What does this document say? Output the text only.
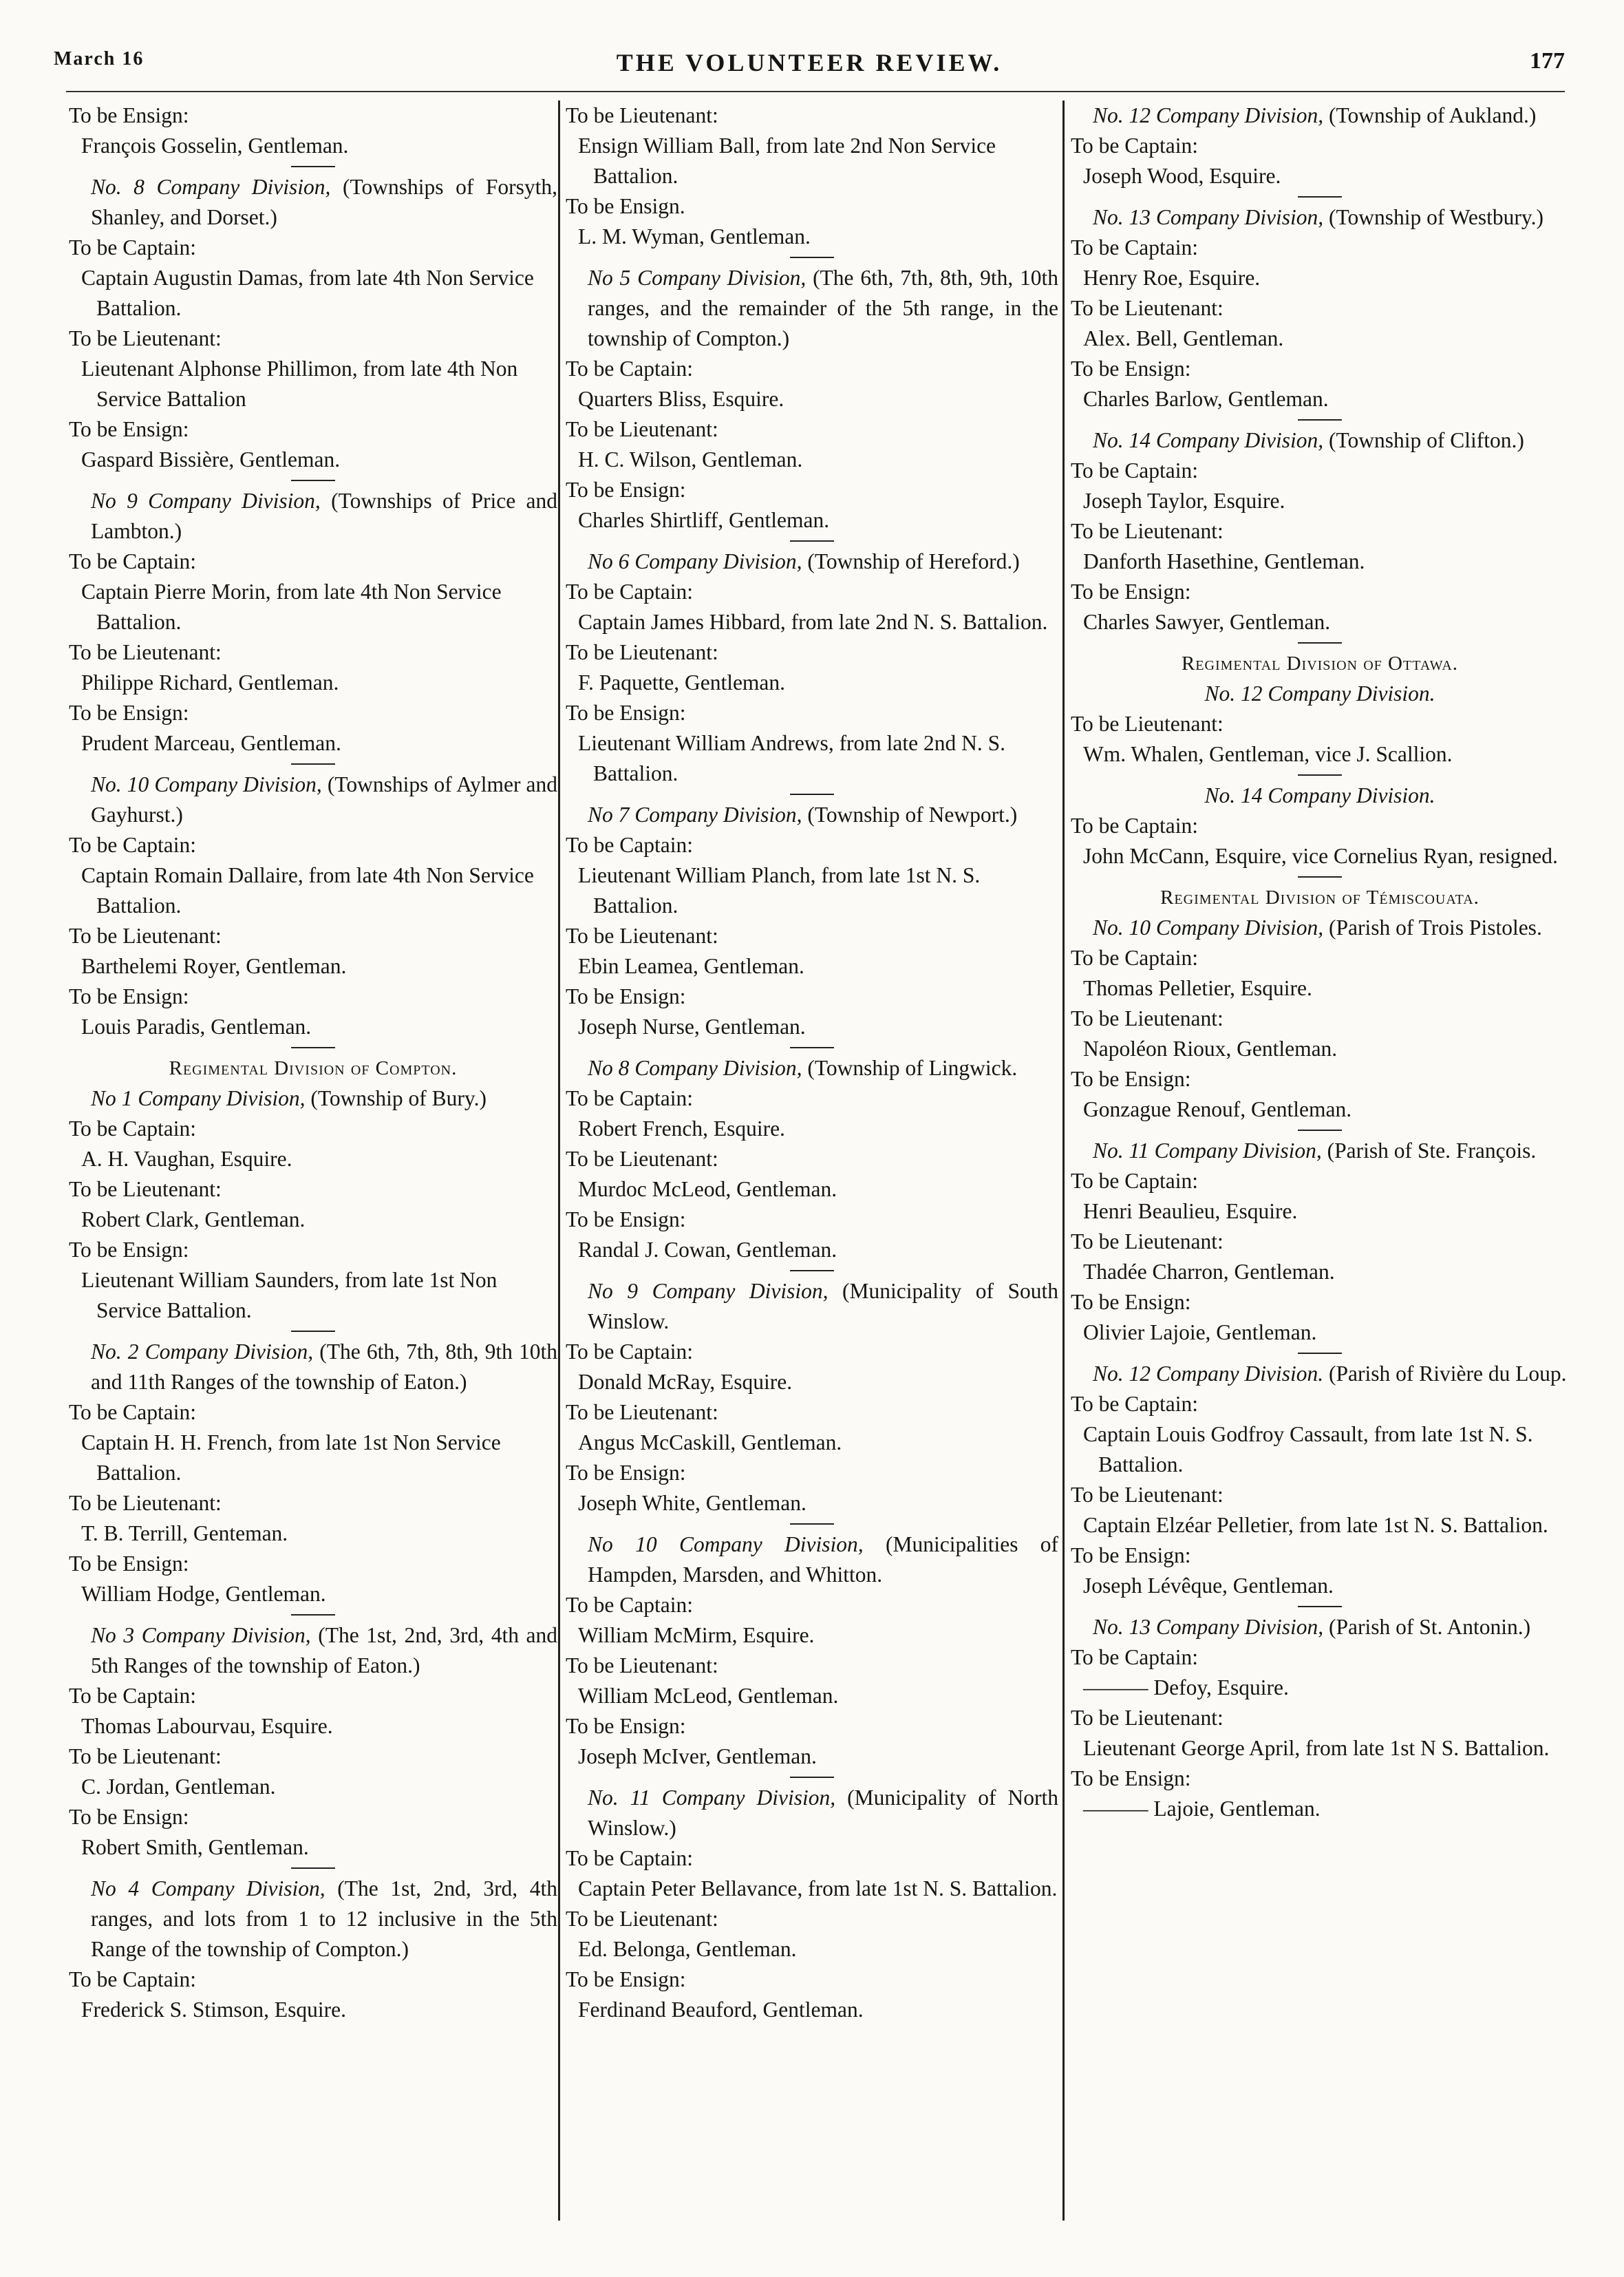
March 16	THE VOLUNTEER REVIEW.	177

To be Ensign:

François Gosselin, Gentleman.

No. 8 Company Division, (Townships of Forsyth, Shanley, and Dorset.)

To be Captain:

Captain Augustin Damas, from late 4th Non Service Battalion.

To be Lieutenant:

Lieutenant Alphonse Phillimon, from late 4th Non Service Battalion

To be Ensign:

Gaspard Bissière, Gentleman.

No 9 Company Division, (Townships of Price and Lambton.)

To be Captain:

Captain Pierre Morin, from late 4th Non Service Battalion.

To be Lieutenant:

Philippe Richard, Gentleman.

To be Ensign:

Prudent Marceau, Gentleman.

No. 10 Company Division, (Townships of Aylmer and Gayhurst.)

To be Captain:

Captain Romain Dallaire, from late 4th Non Service Battalion.

To be Lieutenant:

Barthelemi Royer, Gentleman.

To be Ensign:

Louis Paradis, Gentleman.

Regimental Division of Compton.

No 1 Company Division, (Township of Bury.)

To be Captain:

A. H. Vaughan, Esquire.

To be Lieutenant:

Robert Clark, Gentleman.

To be Ensign:

Lieutenant William Saunders, from late 1st Non Service Battalion.

No. 2 Company Division, (The 6th, 7th, 8th, 9th 10th and 11th Ranges of the township of Eaton.)

To be Captain:

Captain H. H. French, from late 1st Non Service Battalion.

To be Lieutenant:

T. B. Terrill, Genteman.

To be Ensign:

William Hodge, Gentleman.

No 3 Company Division, (The 1st, 2nd, 3rd, 4th and 5th Ranges of the township of Eaton.)

To be Captain:

Thomas Labourvau, Esquire.

To be Lieutenant:

C. Jordan, Gentleman.

To be Ensign:

Robert Smith, Gentleman.

No 4 Company Division, (The 1st, 2nd, 3rd, 4th ranges, and lots from 1 to 12 inclusive in the 5th Range of the township of Compton.)

To be Captain:

Frederick S. Stimson, Esquire.

To be Lieutenant:

Ensign William Ball, from late 2nd Non Service Battalion.

To be Ensign.

L. M. Wyman, Gentleman.

No 5 Company Division, (The 6th, 7th, 8th, 9th, 10th ranges, and the remainder of the 5th range, in the township of Compton.)

To be Captain:

Quarters Bliss, Esquire.

To be Lieutenant:

H. C. Wilson, Gentleman.

To be Ensign:

Charles Shirtliff, Gentleman.

No 6 Company Division, (Township of Hereford.)

To be Captain:

Captain James Hibbard, from late 2nd N. S. Battalion.

To be Lieutenant:

F. Paquette, Gentleman.

To be Ensign:

Lieutenant William Andrews, from late 2nd N. S. Battalion.

No 7 Company Division, (Township of Newport.)

To be Captain:

Lieutenant William Planch, from late 1st N. S. Battalion.

To be Lieutenant:

Ebin Leamea, Gentleman.

To be Ensign:

Joseph Nurse, Gentleman.

No 8 Company Division, (Township of Lingwick.

To be Captain:

Robert French, Esquire.

To be Lieutenant:

Murdoc McLeod, Gentleman.

To be Ensign:

Randal J. Cowan, Gentleman.

No 9 Company Division, (Municipality of South Winslow.

To be Captain:

Donald McRay, Esquire.

To be Lieutenant:

Angus McCaskill, Gentleman.

To be Ensign:

Joseph White, Gentleman.

No 10 Company Division, (Municipalities of Hampden, Marsden, and Whitton.

To be Captain:

William McMirm, Esquire.

To be Lieutenant:

William McLeod, Gentleman.

To be Ensign:

Joseph McIver, Gentleman.

No. 11 Company Division, (Municipality of North Winslow.)

To be Captain:

Captain Peter Bellavance, from late 1st N. S. Battalion.

To be Lieutenant:

Ed. Belonga, Gentleman.

To be Ensign:

Ferdinand Beauford, Gentleman.

No. 12 Company Division, (Township of Aukland.)

To be Captain:

Joseph Wood, Esquire.

No. 13 Company Division, (Township of Westbury.)

To be Captain:

Henry Roe, Esquire.

To be Lieutenant:

Alex. Bell, Gentleman.

To be Ensign:

Charles Barlow, Gentleman.

No. 14 Company Division, (Township of Clifton.)

To be Captain:

Joseph Taylor, Esquire.

To be Lieutenant:

Danforth Hasethine, Gentleman.

To be Ensign:

Charles Sawyer, Gentleman.

Regimental Division of Ottawa.

No. 12 Company Division.

To be Lieutenant:

Wm. Whalen, Gentleman, vice J. Scallion.

No. 14 Company Division.

To be Captain:

John McCann, Esquire, vice Cornelius Ryan, resigned.

Regimental Division of Témiscouata.

No. 10 Company Division, (Parish of Trois Pistoles.

To be Captain:

Thomas Pelletier, Esquire.

To be Lieutenant:

Napoléon Rioux, Gentleman.

To be Ensign:

Gonzague Renouf, Gentleman.

No. 11 Company Division, (Parish of Ste. François.

To be Captain:

Henri Beaulieu, Esquire.

To be Lieutenant:

Thadée Charron, Gentleman.

To be Ensign:

Olivier Lajoie, Gentleman.

No. 12 Company Division. (Parish of Rivière du Loup.

To be Captain:

Captain Louis Godfroy Cassault, from late 1st N. S. Battalion.

To be Lieutenant:

Captain Elzéar Pelletier, from late 1st N. S. Battalion.

To be Ensign:

Joseph Lévêque, Gentleman.

No. 13 Company Division, (Parish of St. Antonin.)

To be Captain:

——— Defoy, Esquire.

To be Lieutenant:

Lieutenant George April, from late 1st N S. Battalion.

To be Ensign:

——— Lajoie, Gentleman.
